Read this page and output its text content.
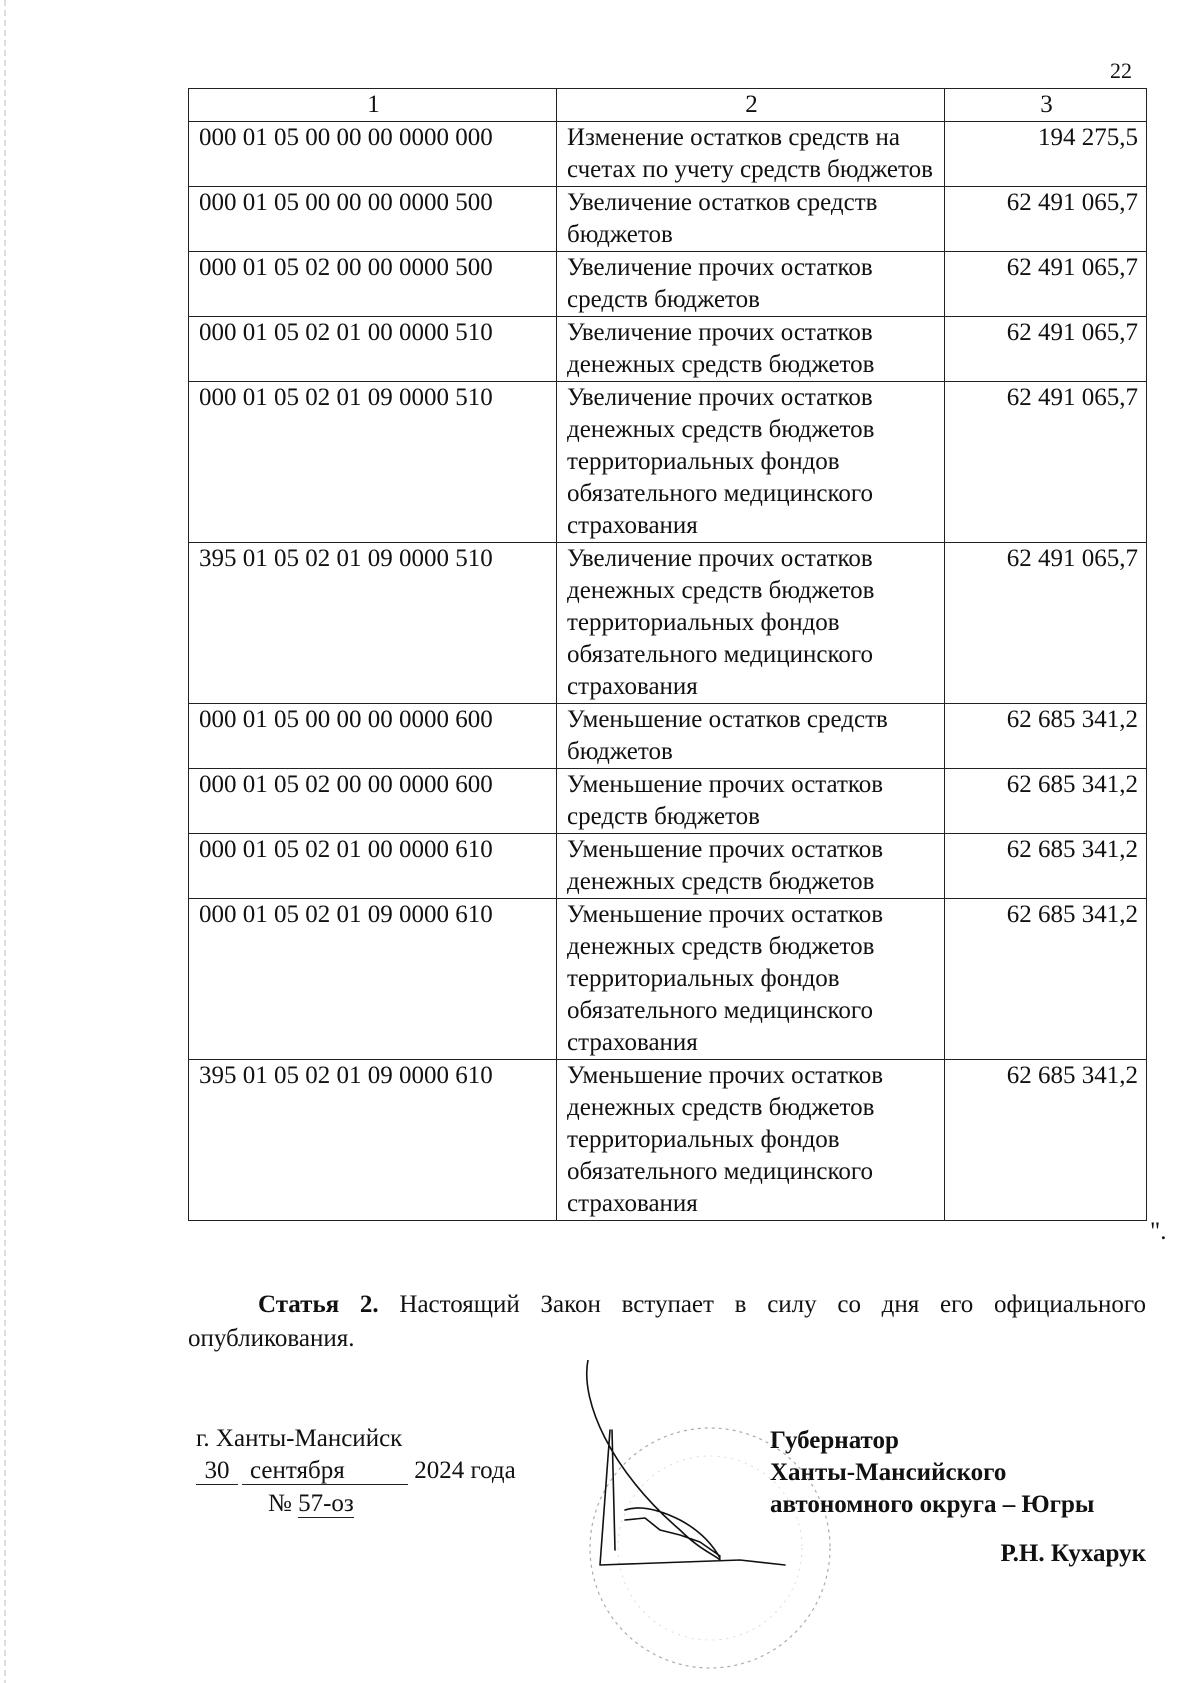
22
1	2	3
000 01 05 00 00 00 0000 000	Изменение остатков средств на счетах по учету средств бюджетов	194 275,5
000 01 05 00 00 00 0000 500	Увеличение остатков средств бюджетов	62 491 065,7
000 01 05 02 00 00 0000 500	Увеличение прочих остатков средств бюджетов	62 491 065,7
000 01 05 02 01 00 0000 510	Увеличение прочих остатков денежных средств бюджетов	62 491 065,7
000 01 05 02 01 09 0000 510	Увеличение прочих остатков денежных средств бюджетов территориальных фондов обязательного медицинского страхования	62 491 065,7
395 01 05 02 01 09 0000 510	Увеличение прочих остатков денежных средств бюджетов территориальных фондов обязательного медицинского страхования	62 491 065,7
000 01 05 00 00 00 0000 600	Уменьшение остатков средств бюджетов	62 685 341,2
000 01 05 02 00 00 0000 600	Уменьшение прочих остатков средств бюджетов	62 685 341,2
000 01 05 02 01 00 0000 610	Уменьшение прочих остатков денежных средств бюджетов	62 685 341,2
000 01 05 02 01 09 0000 610	Уменьшение прочих остатков денежных средств бюджетов территориальных фондов обязательного медицинского страхования	62 685 341,2
395 01 05 02 01 09 0000 610	Уменьшение прочих остатков денежных средств бюджетов территориальных фондов обязательного медицинского страхования	62 685 341,2
".
Статья 2. Настоящий Закон вступает в силу со дня его официального опубликования.
г. Ханты-Мансийск
30 сентября	2024 года
№ 57-оз
Губернатор
Ханты-Мансийского
автономного округа – Югры
Р.Н. Кухарук
